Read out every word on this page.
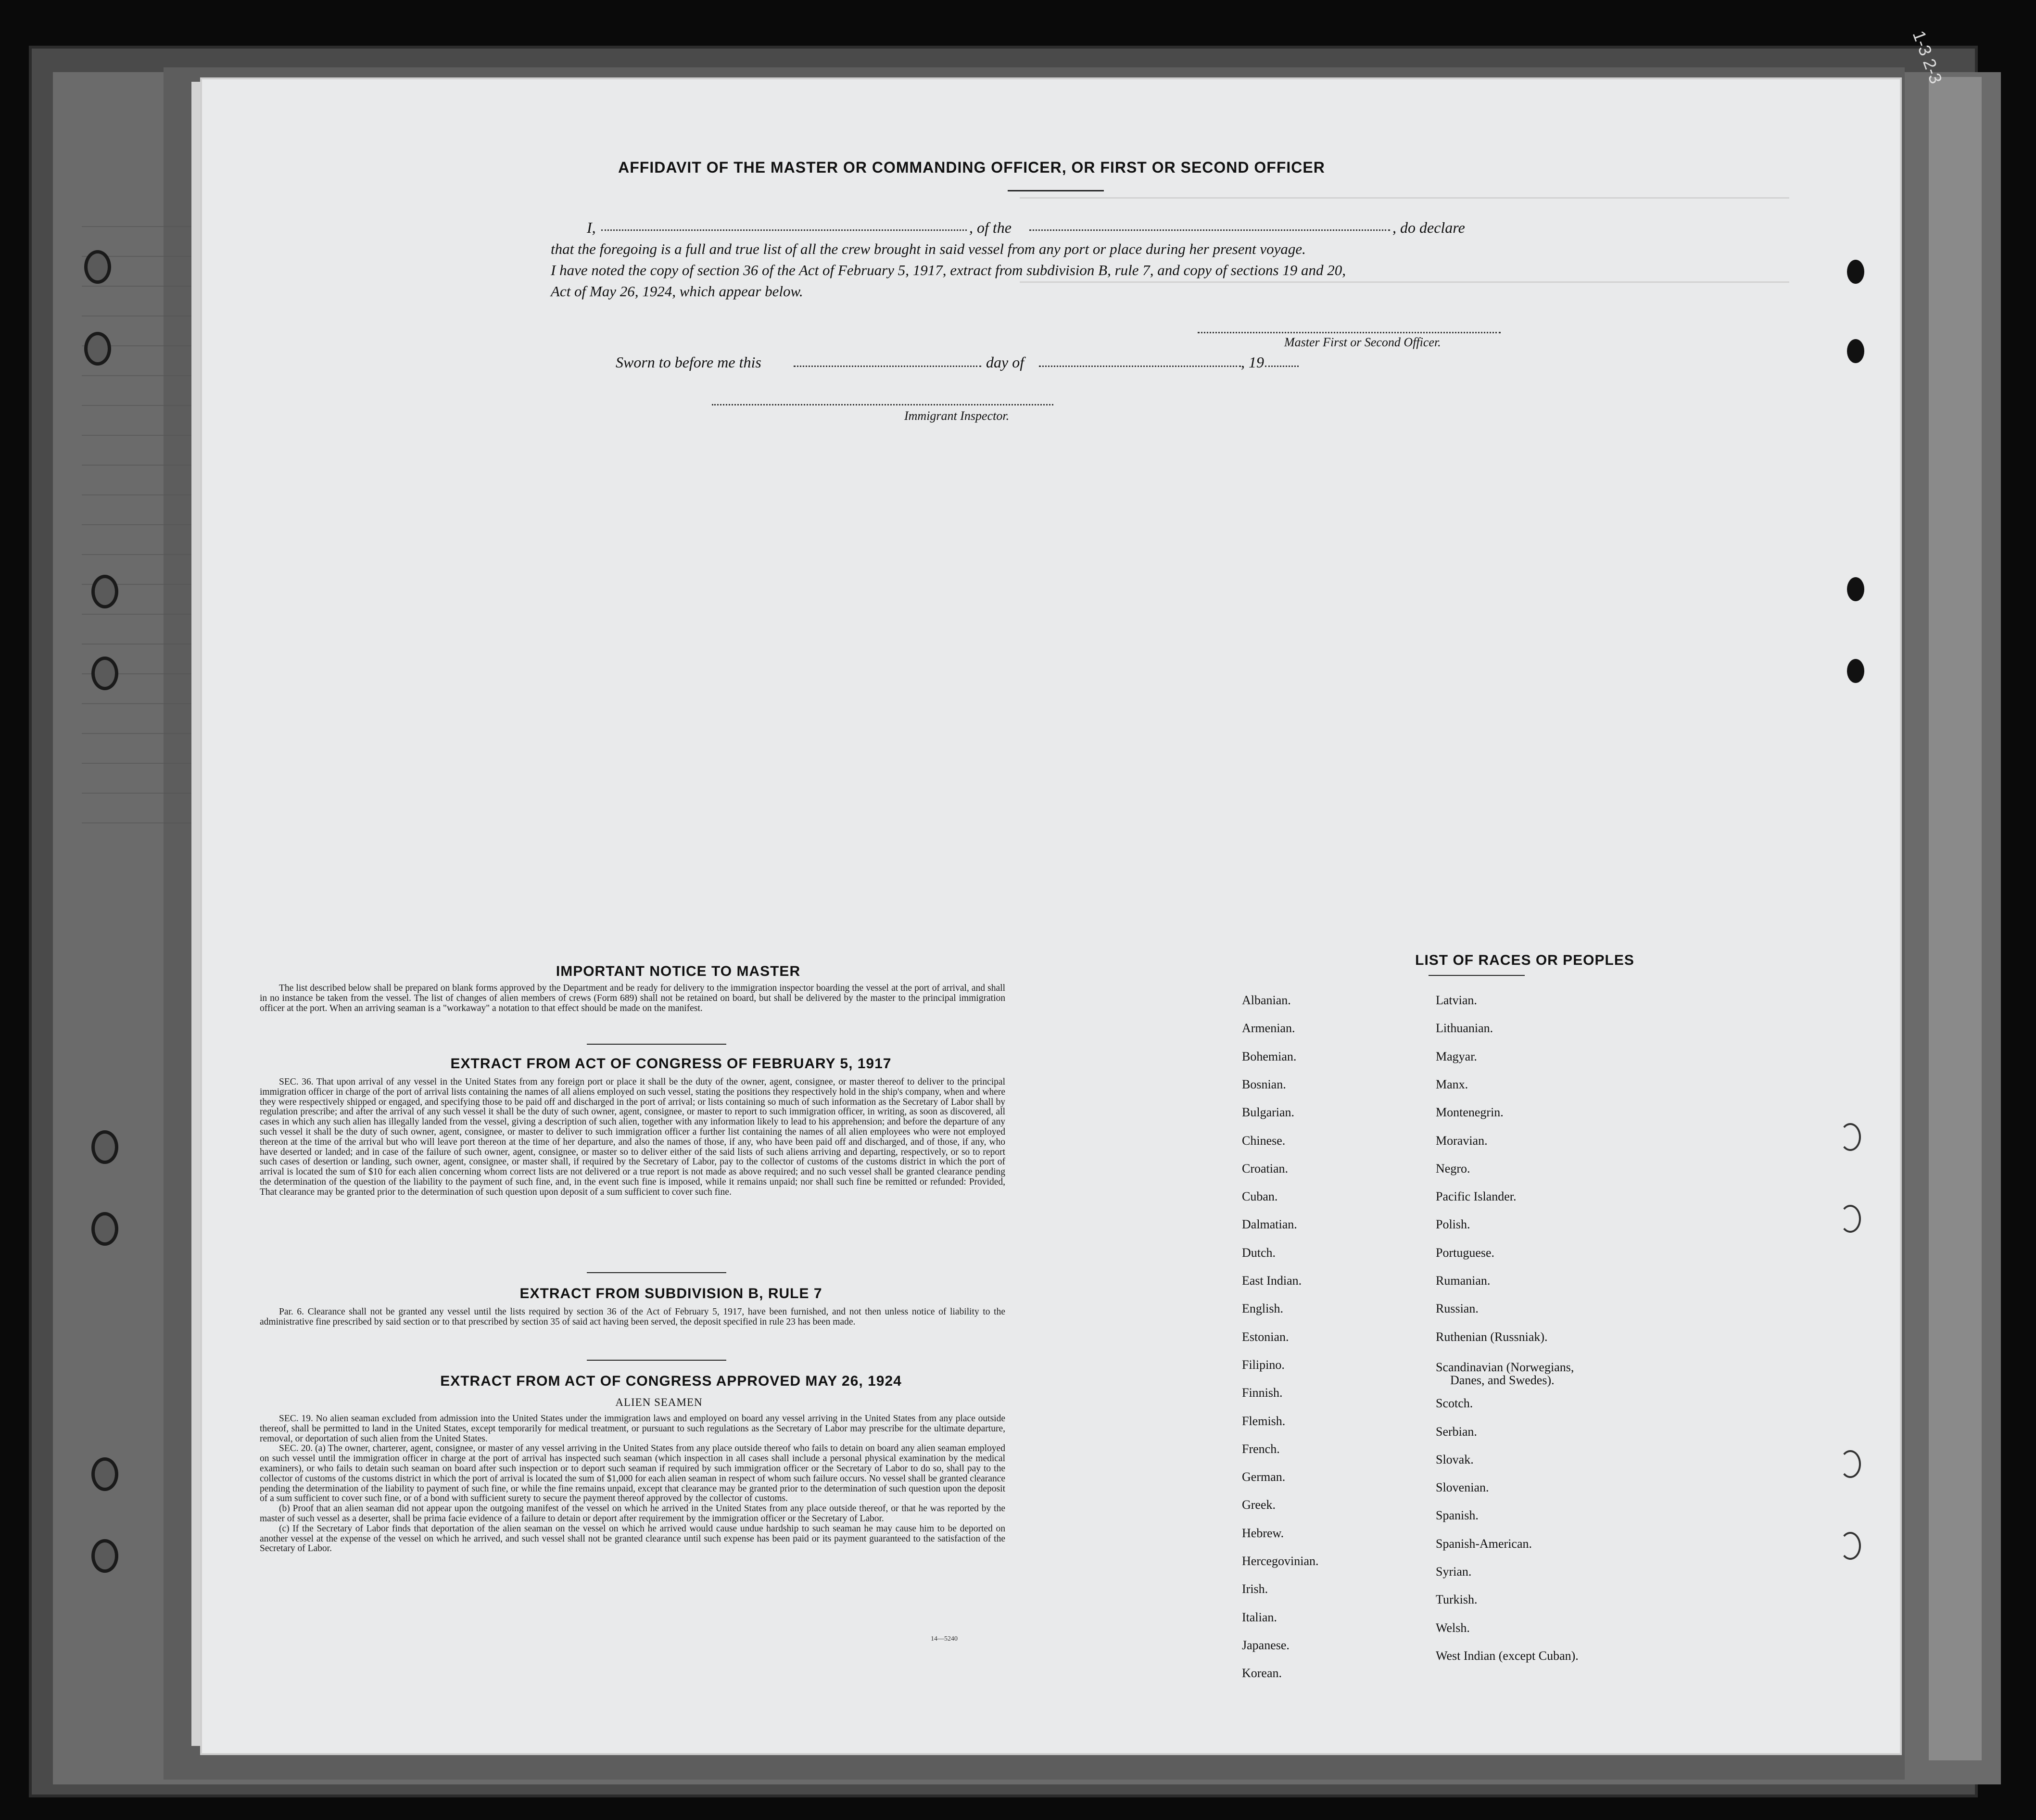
1-3 2-3
AFFIDAVIT OF THE MASTER OR COMMANDING OFFICER, OR FIRST OR SECOND OFFICER
I,	, of the	, do declare
that the foregoing is a full and true list of all the crew brought in said vessel from any port or place during her present voyage.
I have noted the copy of section 36 of the Act of February 5, 1917, extract from subdivision B, rule 7, and copy of sections 19 and 20,
Act of May 26, 1924, which appear below.
Master First or Second Officer.
Sworn to before me this	day of	, 19
Immigrant Inspector.
IMPORTANT NOTICE TO MASTER

The list described below shall be prepared on blank forms approved by the Department and be ready for delivery to the immigration inspector boarding the vessel at the port of arrival, and shall in no instance be taken from the vessel. The list of changes of alien members of crews (Form 689) shall not be retained on board, but shall be delivered by the master to the principal immigration officer at the port. When an arriving seaman is a "workaway" a notation to that effect should be made on the manifest.

EXTRACT FROM ACT OF CONGRESS OF FEBRUARY 5, 1917

SEC. 36. That upon arrival of any vessel in the United States from any foreign port or place it shall be the duty of the owner, agent, consignee, or master thereof to deliver to the principal immigration officer in charge of the port of arrival lists containing the names of all aliens employed on such vessel, stating the positions they respectively hold in the ship's company, when and where they were respectively shipped or engaged, and specifying those to be paid off and discharged in the port of arrival; or lists containing so much of such information as the Secretary of Labor shall by regulation prescribe; and after the arrival of any such vessel it shall be the duty of such owner, agent, consignee, or master to report to such immigration officer, in writing, as soon as discovered, all cases in which any such alien has illegally landed from the vessel, giving a description of such alien, together with any information likely to lead to his apprehension; and before the departure of any such vessel it shall be the duty of such owner, agent, consignee, or master to deliver to such immigration officer a further list containing the names of all alien employees who were not employed thereon at the time of the arrival but who will leave port thereon at the time of her departure, and also the names of those, if any, who have been paid off and discharged, and of those, if any, who have deserted or landed; and in case of the failure of such owner, agent, consignee, or master so to deliver either of the said lists of such aliens arriving and departing, respectively, or so to report such cases of desertion or landing, such owner, agent, consignee, or master shall, if required by the Secretary of Labor, pay to the collector of customs of the customs district in which the port of arrival is located the sum of $10 for each alien concerning whom correct lists are not delivered or a true report is not made as above required; and no such vessel shall be granted clearance pending the determination of the question of the liability to the payment of such fine, and, in the event such fine is imposed, while it remains unpaid; nor shall such fine be remitted or refunded: Provided, That clearance may be granted prior to the determination of such question upon deposit of a sum sufficient to cover such fine.

EXTRACT FROM SUBDIVISION B, RULE 7

Par. 6. Clearance shall not be granted any vessel until the lists required by section 36 of the Act of February 5, 1917, have been furnished, and not then unless notice of liability to the administrative fine prescribed by said section or to that prescribed by section 35 of said act having been served, the deposit specified in rule 23 has been made.

EXTRACT FROM ACT OF CONGRESS APPROVED MAY 26, 1924
ALIEN SEAMEN

SEC. 19. No alien seaman excluded from admission into the United States under the immigration laws and employed on board any vessel arriving in the United States from any place outside thereof, shall be permitted to land in the United States, except temporarily for medical treatment, or pursuant to such regulations as the Secretary of Labor may prescribe for the ultimate departure, removal, or deportation of such alien from the United States.

SEC. 20. (a) The owner, charterer, agent, consignee, or master of any vessel arriving in the United States from any place outside thereof who fails to detain on board any alien seaman employed on such vessel until the immigration officer in charge at the port of arrival has inspected such seaman (which inspection in all cases shall include a personal physical examination by the medical examiners), or who fails to detain such seaman on board after such inspection or to deport such seaman if required by such immigration officer or the Secretary of Labor to do so, shall pay to the collector of customs of the customs district in which the port of arrival is located the sum of $1,000 for each alien seaman in respect of whom such failure occurs. No vessel shall be granted clearance pending the determination of the liability to payment of such fine, or while the fine remains unpaid, except that clearance may be granted prior to the determination of such question upon the deposit of a sum sufficient to cover such fine, or of a bond with sufficient surety to secure the payment thereof approved by the collector of customs.

(b) Proof that an alien seaman did not appear upon the outgoing manifest of the vessel on which he arrived in the United States from any place outside thereof, or that he was reported by the master of such vessel as a deserter, shall be prima facie evidence of a failure to detain or deport after requirement by the immigration officer or the Secretary of Labor.

(c) If the Secretary of Labor finds that deportation of the alien seaman on the vessel on which he arrived would cause undue hardship to such seaman he may cause him to be deported on another vessel at the expense of the vessel on which he arrived, and such vessel shall not be granted clearance until such expense has been paid or its payment guaranteed to the satisfaction of the Secretary of Labor.

14—5240
LIST OF RACES OR PEOPLES
Albanian.
Armenian.
Bohemian.
Bosnian.
Bulgarian.
Chinese.
Croatian.
Cuban.
Dalmatian.
Dutch.
East Indian.
English.
Estonian.
Filipino.
Finnish.
Flemish.
French.
German.
Greek.
Hebrew.
Hercegovinian.
Irish.
Italian.
Japanese.
Korean.
Latvian.
Lithuanian.
Magyar.
Manx.
Montenegrin.
Moravian.
Negro.
Pacific Islander.
Polish.
Portuguese.
Rumanian.
Russian.
Ruthenian (Russniak).
Scandinavian (Norwegians,
Danes, and Swedes).
Scotch.
Serbian.
Slovak.
Slovenian.
Spanish.
Spanish-American.
Syrian.
Turkish.
Welsh.
West Indian (except Cuban).
